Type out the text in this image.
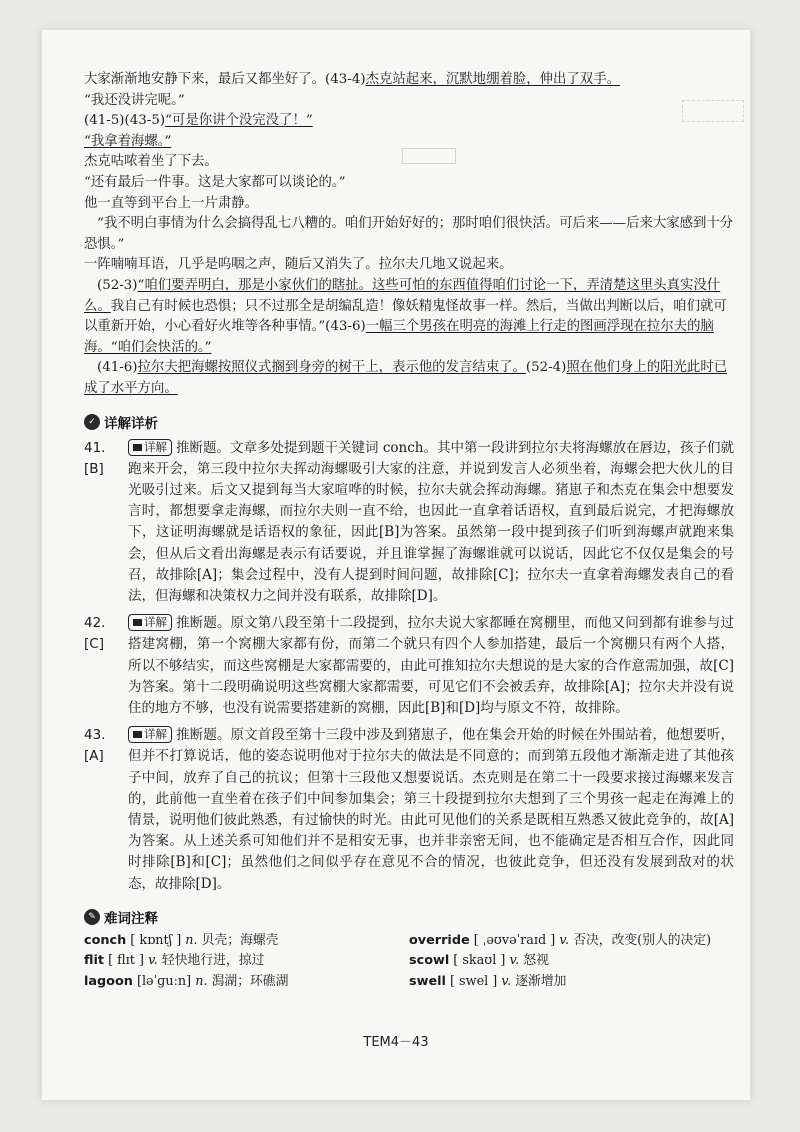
大家渐渐地安静下来，最后又都坐好了。(43-4)杰克站起来，沉默地绷着脸，伸出了双手。

“我还没讲完呢。”

(41-5)(43-5)“可是你讲个没完没了！”

“我拿着海螺。”

杰克咕哝着坐了下去。

“还有最后一件事。这是大家都可以谈论的。”

他一直等到平台上一片肃静。

“我不明白事情为什么会搞得乱七八糟的。咱们开始好好的；那时咱们很快活。可后来——后来大家感到十分恐惧。”

一阵喃喃耳语，几乎是呜咽之声，随后又消失了。拉尔夫几地又说起来。

(52-3)“咱们要弄明白，那是小家伙们的瞎扯。这些可怕的东西值得咱们讨论一下，弄清楚这里头真实没什么。我自己有时候也恐惧；只不过那全是胡编乱造！像妖精鬼怪故事一样。然后，当做出判断以后，咱们就可以重新开始，小心看好火堆等各种事情。”(43-6)一幅三个男孩在明亮的海滩上行走的图画浮现在拉尔夫的脑海。“咱们会快活的。”

(41-6)拉尔夫把海螺按照仪式搁到身旁的树干上，表示他的发言结束了。(52-4)照在他们身上的阳光此时已成了水平方向。

✓ 详解详析
41. [B]
详解 推断题。文章多处提到题干关键词 conch。其中第一段讲到拉尔夫将海螺放在唇边，孩子们就跑来开会，第三段中拉尔夫挥动海螺吸引大家的注意，并说到发言人必须坐着，海螺会把大伙儿的目光吸引过来。后文又提到每当大家喧哗的时候，拉尔夫就会挥动海螺。猪崽子和杰克在集会中想要发言时，都想要拿走海螺，而拉尔夫则一直不给，也因此一直拿着话语权，直到最后说完，才把海螺放下，这证明海螺就是话语权的象征，因此[B]为答案。虽然第一段中提到孩子们听到海螺声就跑来集会，但从后文看出海螺是表示有话要说，并且谁掌握了海螺谁就可以说话，因此它不仅仅是集会的号召，故排除[A]；集会过程中，没有人提到时间问题，故排除[C]；拉尔夫一直拿着海螺发表自己的看法，但海螺和决策权力之间并没有联系，故排除[D]。
42. [C]
详解 推断题。原文第八段至第十二段提到，拉尔夫说大家都睡在窝棚里，而他又问到都有谁参与过搭建窝棚，第一个窝棚大家都有份，而第二个就只有四个人参加搭建，最后一个窝棚只有两个人搭，所以不够结实，而这些窝棚是大家都需要的，由此可推知拉尔夫想说的是大家的合作意需加强，故[C]为答案。第十二段明确说明这些窝棚大家都需要，可见它们不会被丢弃，故排除[A]；拉尔夫并没有说住的地方不够，也没有说需要搭建新的窝棚，因此[B]和[D]均与原文不符，故排除。
43. [A]
详解 推断题。原文首段至第十三段中涉及到猪崽子，他在集会开始的时候在外围站着，他想要听，但并不打算说话，他的姿态说明他对于拉尔夫的做法是不同意的；而到第五段他才渐渐走进了其他孩子中间，放弃了自己的抗议；但第十三段他又想要说话。杰克则是在第二十一段要求接过海螺来发言的，此前他一直坐着在孩子们中间参加集会；第三十段提到拉尔夫想到了三个男孩一起走在海滩上的情景，说明他们彼此熟悉，有过愉快的时光。由此可见他们的关系是既相互熟悉又彼此竞争的，故[A]为答案。从上述关系可知他们并不是相安无事，也并非亲密无间，也不能确定是否相互合作，因此同时排除[B]和[C]；虽然他们之间似乎存在意见不合的情况，也彼此竞争，但还没有发展到敌对的状态，故排除[D]。
✎ 难词注释
conch [ kɒntʃ ] n. 贝壳；海螺壳
flit [ flɪt ] v. 轻快地行进，掠过
lagoon [ləˈɡuːn] n. 澙湖；环礁湖
override [ ˌəʊvəˈraɪd ] v. 否决，改变(别人的决定)
scowl [ skaʊl ] v. 怒视
swell [ swel ] v. 逐渐增加
TEM4－43
